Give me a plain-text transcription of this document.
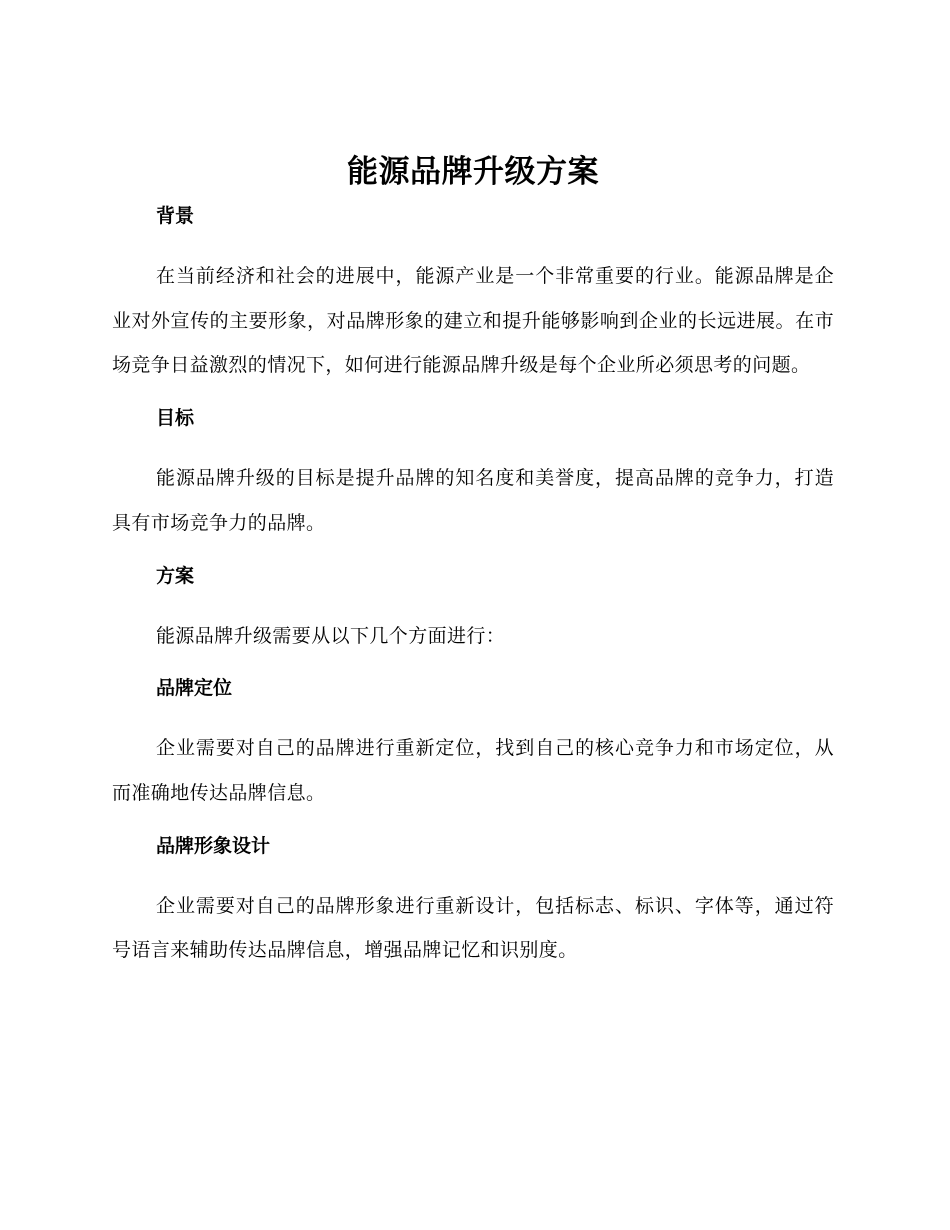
能源品牌升级方案
背景

在当前经济和社会的进展中，能源产业是一个非常重要的行业。能源品牌是企业对外宣传的主要形象，对品牌形象的建立和提升能够影响到企业的长远进展。在市场竞争日益激烈的情况下，如何进行能源品牌升级是每个企业所必须思考的问题。

目标

能源品牌升级的目标是提升品牌的知名度和美誉度，提高品牌的竞争力，打造具有市场竞争力的品牌。

方案

能源品牌升级需要从以下几个方面进行：

品牌定位

企业需要对自己的品牌进行重新定位，找到自己的核心竞争力和市场定位，从而准确地传达品牌信息。

品牌形象设计

企业需要对自己的品牌形象进行重新设计，包括标志、标识、字体等，通过符号语言来辅助传达品牌信息，增强品牌记忆和识别度。
